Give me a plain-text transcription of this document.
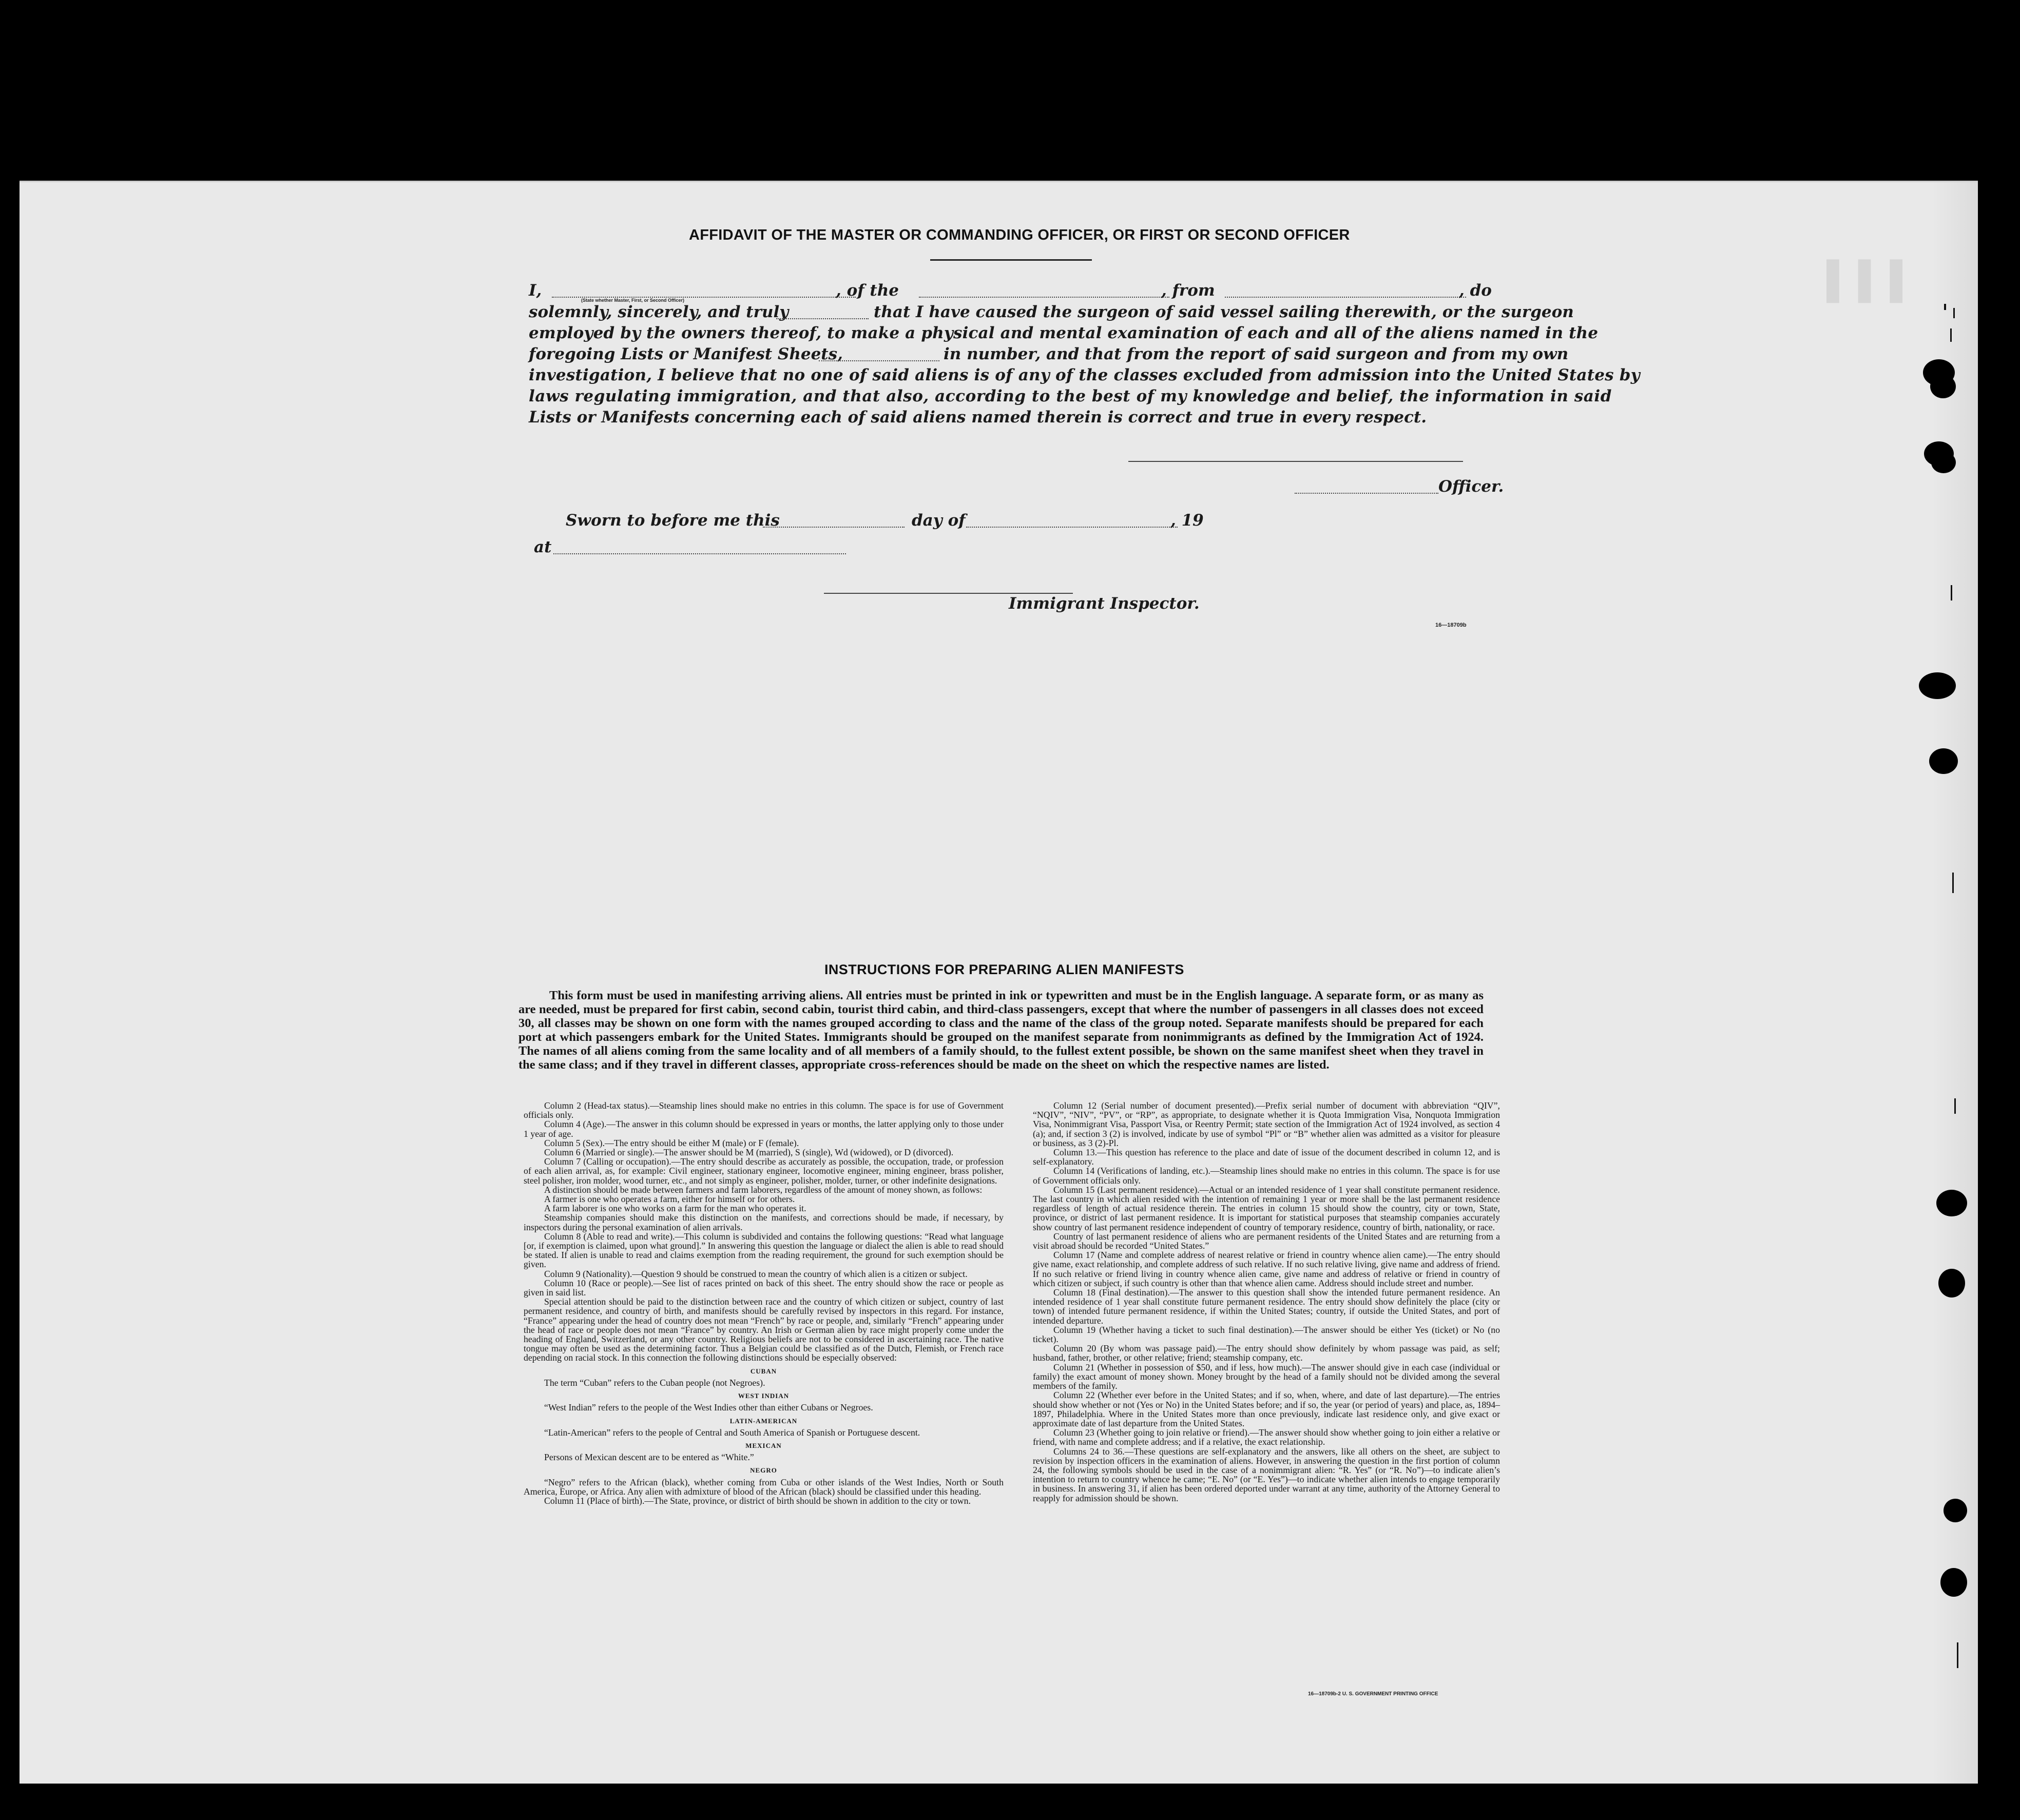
▌▌▌
AFFIDAVIT OF THE MASTER OR COMMANDING OFFICER, OR FIRST OR SECOND OFFICER
I,
(State whether Master, First, or Second Officer)
, of the	, from	, do
solemnly, sincerely, and truly	that I have caused the surgeon of said vessel sailing therewith, or the surgeon
employed by the owners thereof, to make a physical and mental examination of each and all of the aliens named in the
foregoing Lists or Manifest Sheets,	in number, and that from the report of said surgeon and from my own
investigation, I believe that no one of said aliens is of any of the classes excluded from admission into the United States by
laws regulating immigration, and that also, according to the best of my knowledge and belief, the information in said
Lists or Manifests concerning each of said aliens named therein is correct and true in every respect.
Officer.
Sworn to before me this	day of	, 19
at
Immigrant Inspector.
16—18709b
INSTRUCTIONS FOR PREPARING ALIEN MANIFESTS

This form must be used in manifesting arriving aliens. All entries must be printed in ink or typewritten and must be in the English language. A separate form, or as many as are needed, must be prepared for first cabin, second cabin, tourist third cabin, and third-class passengers, except that where the number of passengers in all classes does not exceed 30, all classes may be shown on one form with the names grouped according to class and the name of the class of the group noted. Separate manifests should be prepared for each port at which passengers embark for the United States. Immigrants should be grouped on the manifest separate from nonimmigrants as defined by the Immigration Act of 1924. The names of all aliens coming from the same locality and of all members of a family should, to the fullest extent possible, be shown on the same manifest sheet when they travel in the same class; and if they travel in different classes, appropriate cross-references should be made on the sheet on which the respective names are listed.

Column 2 (Head-tax status).—Steamship lines should make no entries in this column. The space is for use of Government officials only.

Column 4 (Age).—The answer in this column should be expressed in years or months, the latter applying only to those under 1 year of age.

Column 5 (Sex).—The entry should be either M (male) or F (female).

Column 6 (Married or single).—The answer should be M (married), S (single), Wd (widowed), or D (divorced).

Column 7 (Calling or occupation).—The entry should describe as accurately as possible, the occupation, trade, or profession of each alien arrival, as, for example: Civil engineer, stationary engineer, locomotive engineer, mining engineer, brass polisher, steel polisher, iron molder, wood turner, etc., and not simply as engineer, polisher, molder, turner, or other indefinite designations.

A distinction should be made between farmers and farm laborers, regardless of the amount of money shown, as follows:

A farmer is one who operates a farm, either for himself or for others.

A farm laborer is one who works on a farm for the man who operates it.

Steamship companies should make this distinction on the manifests, and corrections should be made, if necessary, by inspectors during the personal examination of alien arrivals.

Column 8 (Able to read and write).—This column is subdivided and contains the following questions: “Read what language [or, if exemption is claimed, upon what ground].” In answering this question the language or dialect the alien is able to read should be stated. If alien is unable to read and claims exemption from the reading requirement, the ground for such exemption should be given.

Column 9 (Nationality).—Question 9 should be construed to mean the country of which alien is a citizen or subject.

Column 10 (Race or people).—See list of races printed on back of this sheet. The entry should show the race or people as given in said list.

Special attention should be paid to the distinction between race and the country of which citizen or subject, country of last permanent residence, and country of birth, and manifests should be carefully revised by inspectors in this regard. For instance, “France” appearing under the head of country does not mean “French” by race or people, and, similarly “French” appearing under the head of race or people does not mean “France” by country. An Irish or German alien by race might properly come under the heading of England, Switzerland, or any other country. Religious beliefs are not to be considered in ascertaining race. The native tongue may often be used as the determining factor. Thus a Belgian could be classified as of the Dutch, Flemish, or French race depending on racial stock. In this connection the following distinctions should be especially observed:

CUBAN

The term “Cuban” refers to the Cuban people (not Negroes).

WEST INDIAN

“West Indian” refers to the people of the West Indies other than either Cubans or Negroes.

LATIN-AMERICAN

“Latin-American” refers to the people of Central and South America of Spanish or Portuguese descent.

MEXICAN

Persons of Mexican descent are to be entered as “White.”

NEGRO

“Negro” refers to the African (black), whether coming from Cuba or other islands of the West Indies, North or South America, Europe, or Africa. Any alien with admixture of blood of the African (black) should be classified under this heading.

Column 11 (Place of birth).—The State, province, or district of birth should be shown in addition to the city or town.

Column 12 (Serial number of document presented).—Prefix serial number of document with abbreviation “QIV”, “NQIV”, “NIV”, “PV”, or “RP”, as appropriate, to designate whether it is Quota Immigration Visa, Nonquota Immigration Visa, Nonimmigrant Visa, Passport Visa, or Reentry Permit; state section of the Immigration Act of 1924 involved, as section 4 (a); and, if section 3 (2) is involved, indicate by use of symbol “Pl” or “B” whether alien was admitted as a visitor for pleasure or business, as 3 (2)-Pl.

Column 13.—This question has reference to the place and date of issue of the document described in column 12, and is self-explanatory.

Column 14 (Verifications of landing, etc.).—Steamship lines should make no entries in this column. The space is for use of Government officials only.

Column 15 (Last permanent residence).—Actual or an intended residence of 1 year shall constitute permanent residence. The last country in which alien resided with the intention of remaining 1 year or more shall be the last permanent residence regardless of length of actual residence therein. The entries in column 15 should show the country, city or town, State, province, or district of last permanent residence. It is important for statistical purposes that steamship companies accurately show country of last permanent residence independent of country of temporary residence, country of birth, nationality, or race.

Country of last permanent residence of aliens who are permanent residents of the United States and are returning from a visit abroad should be recorded “United States.”

Column 17 (Name and complete address of nearest relative or friend in country whence alien came).—The entry should give name, exact relationship, and complete address of such relative. If no such relative living, give name and address of friend. If no such relative or friend living in country whence alien came, give name and address of relative or friend in country of which citizen or subject, if such country is other than that whence alien came. Address should include street and number.

Column 18 (Final destination).—The answer to this question shall show the intended future permanent residence. An intended residence of 1 year shall constitute future permanent residence. The entry should show definitely the place (city or town) of intended future permanent residence, if within the United States; country, if outside the United States, and port of intended departure.

Column 19 (Whether having a ticket to such final destination).—The answer should be either Yes (ticket) or No (no ticket).

Column 20 (By whom was passage paid).—The entry should show definitely by whom passage was paid, as self; husband, father, brother, or other relative; friend; steamship company, etc.

Column 21 (Whether in possession of $50, and if less, how much).—The answer should give in each case (individual or family) the exact amount of money shown. Money brought by the head of a family should not be divided among the several members of the family.

Column 22 (Whether ever before in the United States; and if so, when, where, and date of last departure).—The entries should show whether or not (Yes or No) in the United States before; and if so, the year (or period of years) and place, as, 1894–1897, Philadelphia. Where in the United States more than once previously, indicate last residence only, and give exact or approximate date of last departure from the United States.

Column 23 (Whether going to join relative or friend).—The answer should show whether going to join either a relative or friend, with name and complete address; and if a relative, the exact relationship.

Columns 24 to 36.—These questions are self-explanatory and the answers, like all others on the sheet, are subject to revision by inspection officers in the examination of aliens. However, in answering the question in the first portion of column 24, the following symbols should be used in the case of a nonimmigrant alien: “R. Yes” (or “R. No”)—to indicate alien’s intention to return to country whence he came; “E. No” (or “E. Yes”)—to indicate whether alien intends to engage temporarily in business. In answering 31, if alien has been ordered deported under warrant at any time, authority of the Attorney General to reapply for admission should be shown.

16—18709b-2 U. S. GOVERNMENT PRINTING OFFICE
